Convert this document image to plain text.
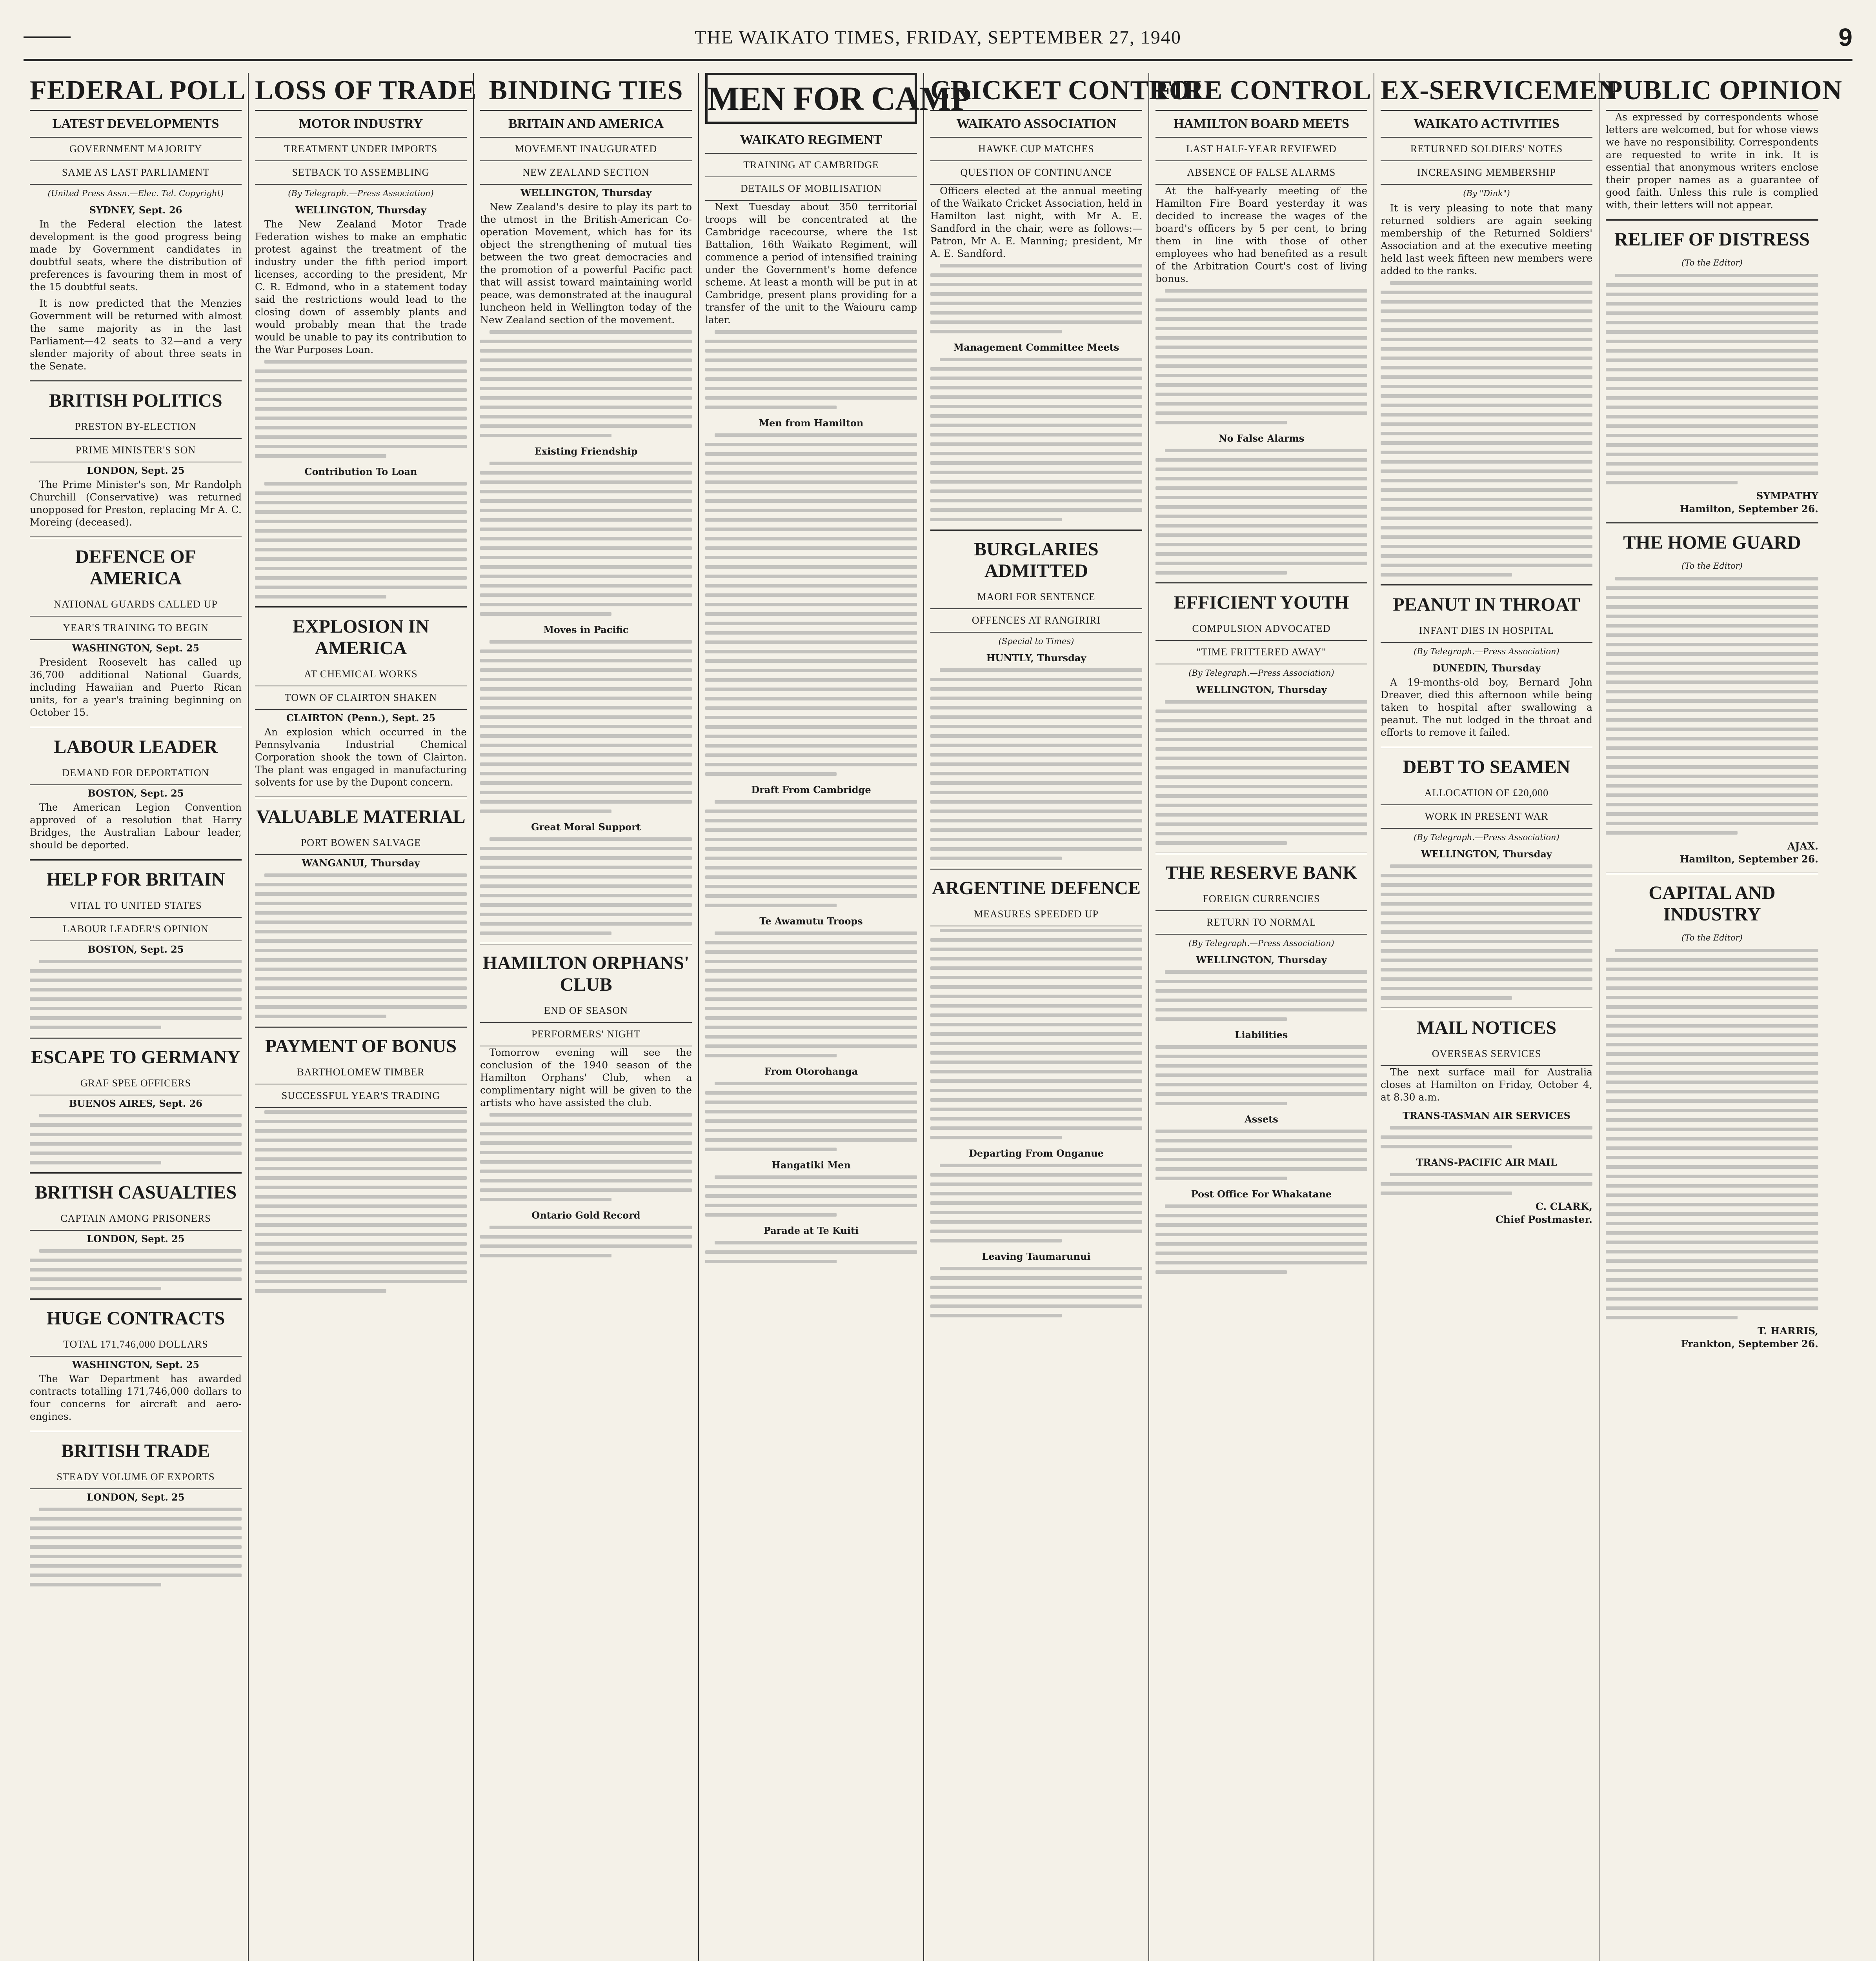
THE WAIKATO TIMES, FRIDAY, SEPTEMBER 27, 1940	9
FEDERAL POLL
LATEST DEVELOPMENTS
GOVERNMENT MAJORITY
SAME AS LAST PARLIAMENT
(United Press Assn.—Elec. Tel. Copyright)
SYDNEY, Sept. 26

In the Federal election the latest development is the good progress being made by Government candidates in doubtful seats, where the distribution of preferences is favouring them in most of the 15 doubtful seats.

It is now predicted that the Menzies Government will be returned with almost the same majority as in the last Parliament—42 seats to 32—and a very slender majority of about three seats in the Senate.

BRITISH POLITICS
PRESTON BY-ELECTION
PRIME MINISTER'S SON
LONDON, Sept. 25

The Prime Minister's son, Mr Randolph Churchill (Conservative) was returned unopposed for Preston, replacing Mr A. C. Moreing (deceased).

DEFENCE OF AMERICA
NATIONAL GUARDS CALLED UP
YEAR'S TRAINING TO BEGIN
WASHINGTON, Sept. 25

President Roosevelt has called up 36,700 additional National Guards, including Hawaiian and Puerto Rican units, for a year's training beginning on October 15.

LABOUR LEADER
DEMAND FOR DEPORTATION
BOSTON, Sept. 25

The American Legion Convention approved of a resolution that Harry Bridges, the Australian Labour leader, should be deported.

HELP FOR BRITAIN
VITAL TO UNITED STATES
LABOUR LEADER'S OPINION
BOSTON, Sept. 25
ESCAPE TO GERMANY
GRAF SPEE OFFICERS
BUENOS AIRES, Sept. 26
BRITISH CASUALTIES
CAPTAIN AMONG PRISONERS
LONDON, Sept. 25
HUGE CONTRACTS
TOTAL 171,746,000 DOLLARS
WASHINGTON, Sept. 25

The War Department has awarded contracts totalling 171,746,000 dollars to four concerns for aircraft and aero-engines.

BRITISH TRADE
STEADY VOLUME OF EXPORTS
LONDON, Sept. 25
LOSS OF TRADE
MOTOR INDUSTRY
TREATMENT UNDER IMPORTS
SETBACK TO ASSEMBLING
(By Telegraph.—Press Association)
WELLINGTON, Thursday

The New Zealand Motor Trade Federation wishes to make an emphatic protest against the treatment of the industry under the fifth period import licenses, according to the president, Mr C. R. Edmond, who in a statement today said the restrictions would lead to the closing down of assembly plants and would probably mean that the trade would be unable to pay its contribution to the War Purposes Loan.

Contribution To Loan
EXPLOSION IN AMERICA
AT CHEMICAL WORKS
TOWN OF CLAIRTON SHAKEN
CLAIRTON (Penn.), Sept. 25

An explosion which occurred in the Pennsylvania Industrial Chemical Corporation shook the town of Clairton. The plant was engaged in manufacturing solvents for use by the Dupont concern.

VALUABLE MATERIAL
PORT BOWEN SALVAGE
WANGANUI, Thursday
PAYMENT OF BONUS
BARTHOLOMEW TIMBER
SUCCESSFUL YEAR'S TRADING
BINDING TIES
BRITAIN AND AMERICA
MOVEMENT INAUGURATED
NEW ZEALAND SECTION
WELLINGTON, Thursday

New Zealand's desire to play its part to the utmost in the British-American Co-operation Movement, which has for its object the strengthening of mutual ties between the two great democracies and the promotion of a powerful Pacific pact that will assist toward maintaining world peace, was demonstrated at the inaugural luncheon held in Wellington today of the New Zealand section of the movement.

Existing Friendship
Moves in Pacific
Great Moral Support
HAMILTON ORPHANS' CLUB
END OF SEASON
PERFORMERS' NIGHT

Tomorrow evening will see the conclusion of the 1940 season of the Hamilton Orphans' Club, when a complimentary night will be given to the artists who have assisted the club.

Ontario Gold Record
MEN FOR CAMP
WAIKATO REGIMENT
TRAINING AT CAMBRIDGE
DETAILS OF MOBILISATION

Next Tuesday about 350 territorial troops will be concentrated at the Cambridge racecourse, where the 1st Battalion, 16th Waikato Regiment, will commence a period of intensified training under the Government's home defence scheme. At least a month will be put in at Cambridge, present plans providing for a transfer of the unit to the Waiouru camp later.

Men from Hamilton
Draft From Cambridge
Te Awamutu Troops
From Otorohanga
Hangatiki Men
Parade at Te Kuiti
CRICKET CONTROL
WAIKATO ASSOCIATION
HAWKE CUP MATCHES
QUESTION OF CONTINUANCE

Officers elected at the annual meeting of the Waikato Cricket Association, held in Hamilton last night, with Mr A. E. Sandford in the chair, were as follows:—Patron, Mr A. E. Manning; president, Mr A. E. Sandford.

Management Committee Meets
BURGLARIES ADMITTED
MAORI FOR SENTENCE
OFFENCES AT RANGIRIRI
(Special to Times)
HUNTLY, Thursday
ARGENTINE DEFENCE
MEASURES SPEEDED UP
Departing From Onganue
Leaving Taumarunui
FIRE CONTROL
HAMILTON BOARD MEETS
LAST HALF-YEAR REVIEWED
ABSENCE OF FALSE ALARMS

At the half-yearly meeting of the Hamilton Fire Board yesterday it was decided to increase the wages of the board's officers by 5 per cent, to bring them in line with those of other employees who had benefited as a result of the Arbitration Court's cost of living bonus.

No False Alarms
EFFICIENT YOUTH
COMPULSION ADVOCATED
"TIME FRITTERED AWAY"
(By Telegraph.—Press Association)
WELLINGTON, Thursday
THE RESERVE BANK
FOREIGN CURRENCIES
RETURN TO NORMAL
(By Telegraph.—Press Association)
WELLINGTON, Thursday
Liabilities
Assets
Post Office For Whakatane
EX-SERVICEMEN
WAIKATO ACTIVITIES
RETURNED SOLDIERS' NOTES
INCREASING MEMBERSHIP
(By "Dink")

It is very pleasing to note that many returned soldiers are again seeking membership of the Returned Soldiers' Association and at the executive meeting held last week fifteen new members were added to the ranks.

PEANUT IN THROAT
INFANT DIES IN HOSPITAL
(By Telegraph.—Press Association)
DUNEDIN, Thursday

A 19-months-old boy, Bernard John Dreaver, died this afternoon while being taken to hospital after swallowing a peanut. The nut lodged in the throat and efforts to remove it failed.

DEBT TO SEAMEN
ALLOCATION OF £20,000
WORK IN PRESENT WAR
(By Telegraph.—Press Association)
WELLINGTON, Thursday
MAIL NOTICES
OVERSEAS SERVICES

The next surface mail for Australia closes at Hamilton on Friday, October 4, at 8.30 a.m.

TRANS-TASMAN AIR SERVICES
TRANS-PACIFIC AIR MAIL
C. CLARK,
Chief Postmaster.
PUBLIC OPINION

As expressed by correspondents whose letters are welcomed, but for whose views we have no responsibility. Correspondents are requested to write in ink. It is essential that anonymous writers enclose their proper names as a guarantee of good faith. Unless this rule is complied with, their letters will not appear.

RELIEF OF DISTRESS
(To the Editor)
SYMPATHY
Hamilton, September 26.
THE HOME GUARD
(To the Editor)
AJAX.
Hamilton, September 26.
CAPITAL AND INDUSTRY
(To the Editor)
T. HARRIS,
Frankton, September 26.
